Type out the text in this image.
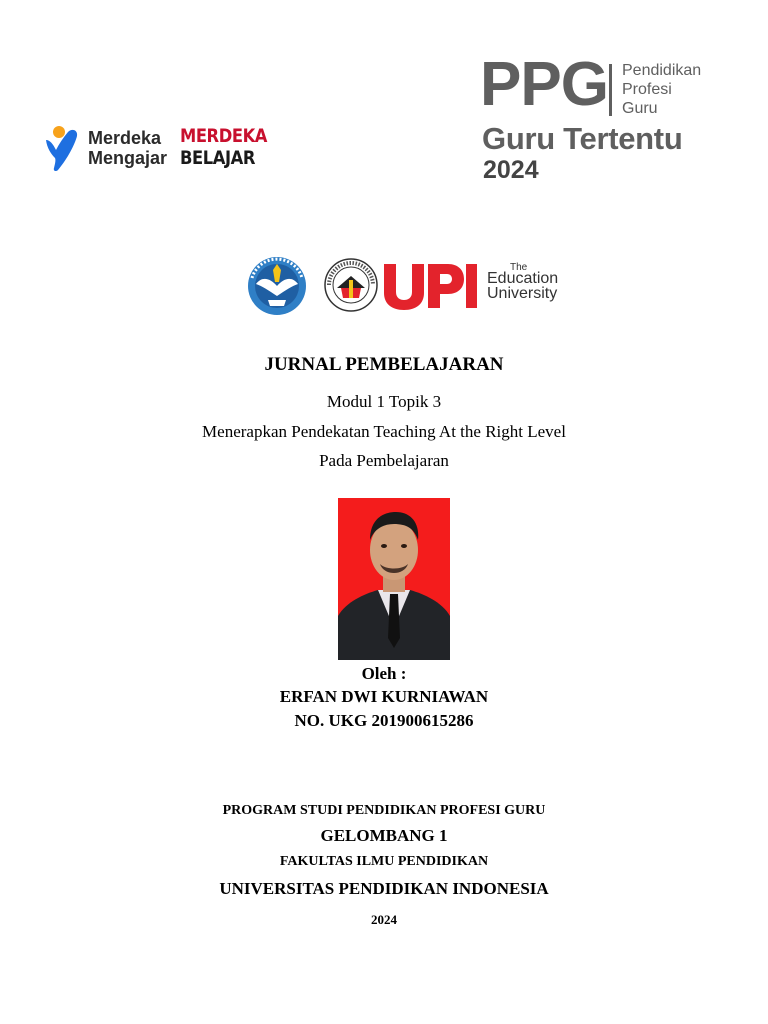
Merdeka
Mengajar
MERDEKA
BELAJAR
PPG Pendidikan
Profesi
Guru
Guru Tertentu
2024
The
Education
University
JURNAL PEMBELAJARAN
Modul 1 Topik 3
Menerapkan Pendekatan Teaching At the Right Level
Pada Pembelajaran
Oleh :
ERFAN DWI KURNIAWAN
NO. UKG 201900615286
PROGRAM STUDI PENDIDIKAN PROFESI GURU
GELOMBANG 1
FAKULTAS ILMU PENDIDIKAN
UNIVERSITAS PENDIDIKAN INDONESIA
2024
